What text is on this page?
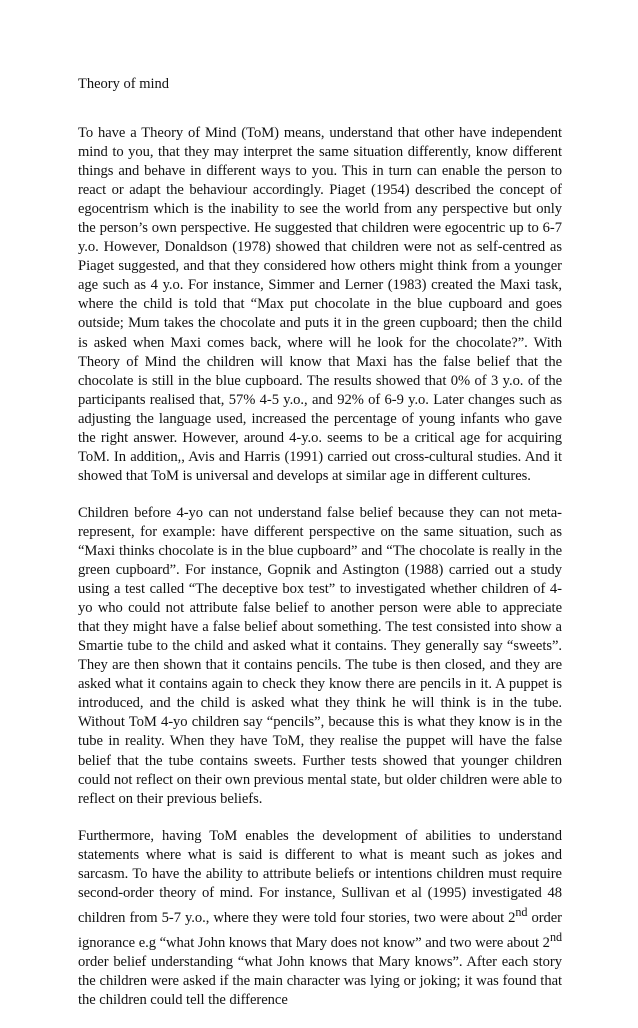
Theory of mind

To have a Theory of Mind (ToM) means, understand that other have independent mind to you, that they may interpret the same situation differently, know different things and behave in different ways to you. This in turn can enable the person to react or adapt the behaviour accordingly. Piaget (1954) described the concept of egocentrism which is the inability to see the world from any perspective but only the person’s own perspective. He suggested that children were egocentric up to 6-7 y.o. However, Donaldson (1978) showed that children were not as self-centred as Piaget suggested, and that they considered how others might think from a younger age such as 4 y.o. For instance, Simmer and Lerner (1983) created the Maxi task, where the child is told that “Max put chocolate in the blue cupboard and goes outside; Mum takes the chocolate and puts it in the green cupboard; then the child is asked when Maxi comes back, where will he look for the chocolate?”. With Theory of Mind the children will know that Maxi has the false belief that the chocolate is still in the blue cupboard. The results showed that 0% of 3 y.o. of the participants realised that, 57% 4-5 y.o., and 92% of 6-9 y.o. Later changes such as adjusting the language used, increased the percentage of young infants who gave the right answer. However, around 4-y.o. seems to be a critical age for acquiring ToM. In addition,, Avis and Harris (1991) carried out cross-cultural studies. And it showed that ToM is universal and develops at similar age in different cultures.

Children before 4-yo can not understand false belief because they can not meta-represent, for example: have different perspective on the same situation, such as “Maxi thinks chocolate is in the blue cupboard” and “The chocolate is really in the green cupboard”. For instance, Gopnik and Astington (1988) carried out a study using a test called “The deceptive box test” to investigated whether children of 4-yo who could not attribute false belief to another person were able to appreciate that they might have a false belief about something. The test consisted into show a Smartie tube to the child and asked what it contains. They generally say “sweets”. They are then shown that it contains pencils. The tube is then closed, and they are asked what it contains again to check they know there are pencils in it. A puppet is introduced, and the child is asked what they think he will think is in the tube. Without ToM 4-yo children say “pencils”, because this is what they know is in the tube in reality. When they have ToM, they realise the puppet will have the false belief that the tube contains sweets. Further tests showed that younger children could not reflect on their own previous mental state, but older children were able to reflect on their previous beliefs.

Furthermore, having ToM enables the development of abilities to understand statements where what is said is different to what is meant such as jokes and sarcasm. To have the ability to attribute beliefs or intentions children must require second-order theory of mind. For instance, Sullivan et al (1995) investigated 48 children from 5-7 y.o., where they were told four stories, two were about 2nd order ignorance e.g “what John knows that Mary does not know” and two were about 2nd order belief understanding “what John knows that Mary knows”. After each story the children were asked if the main character was lying or joking; it was found that the children could tell the difference
